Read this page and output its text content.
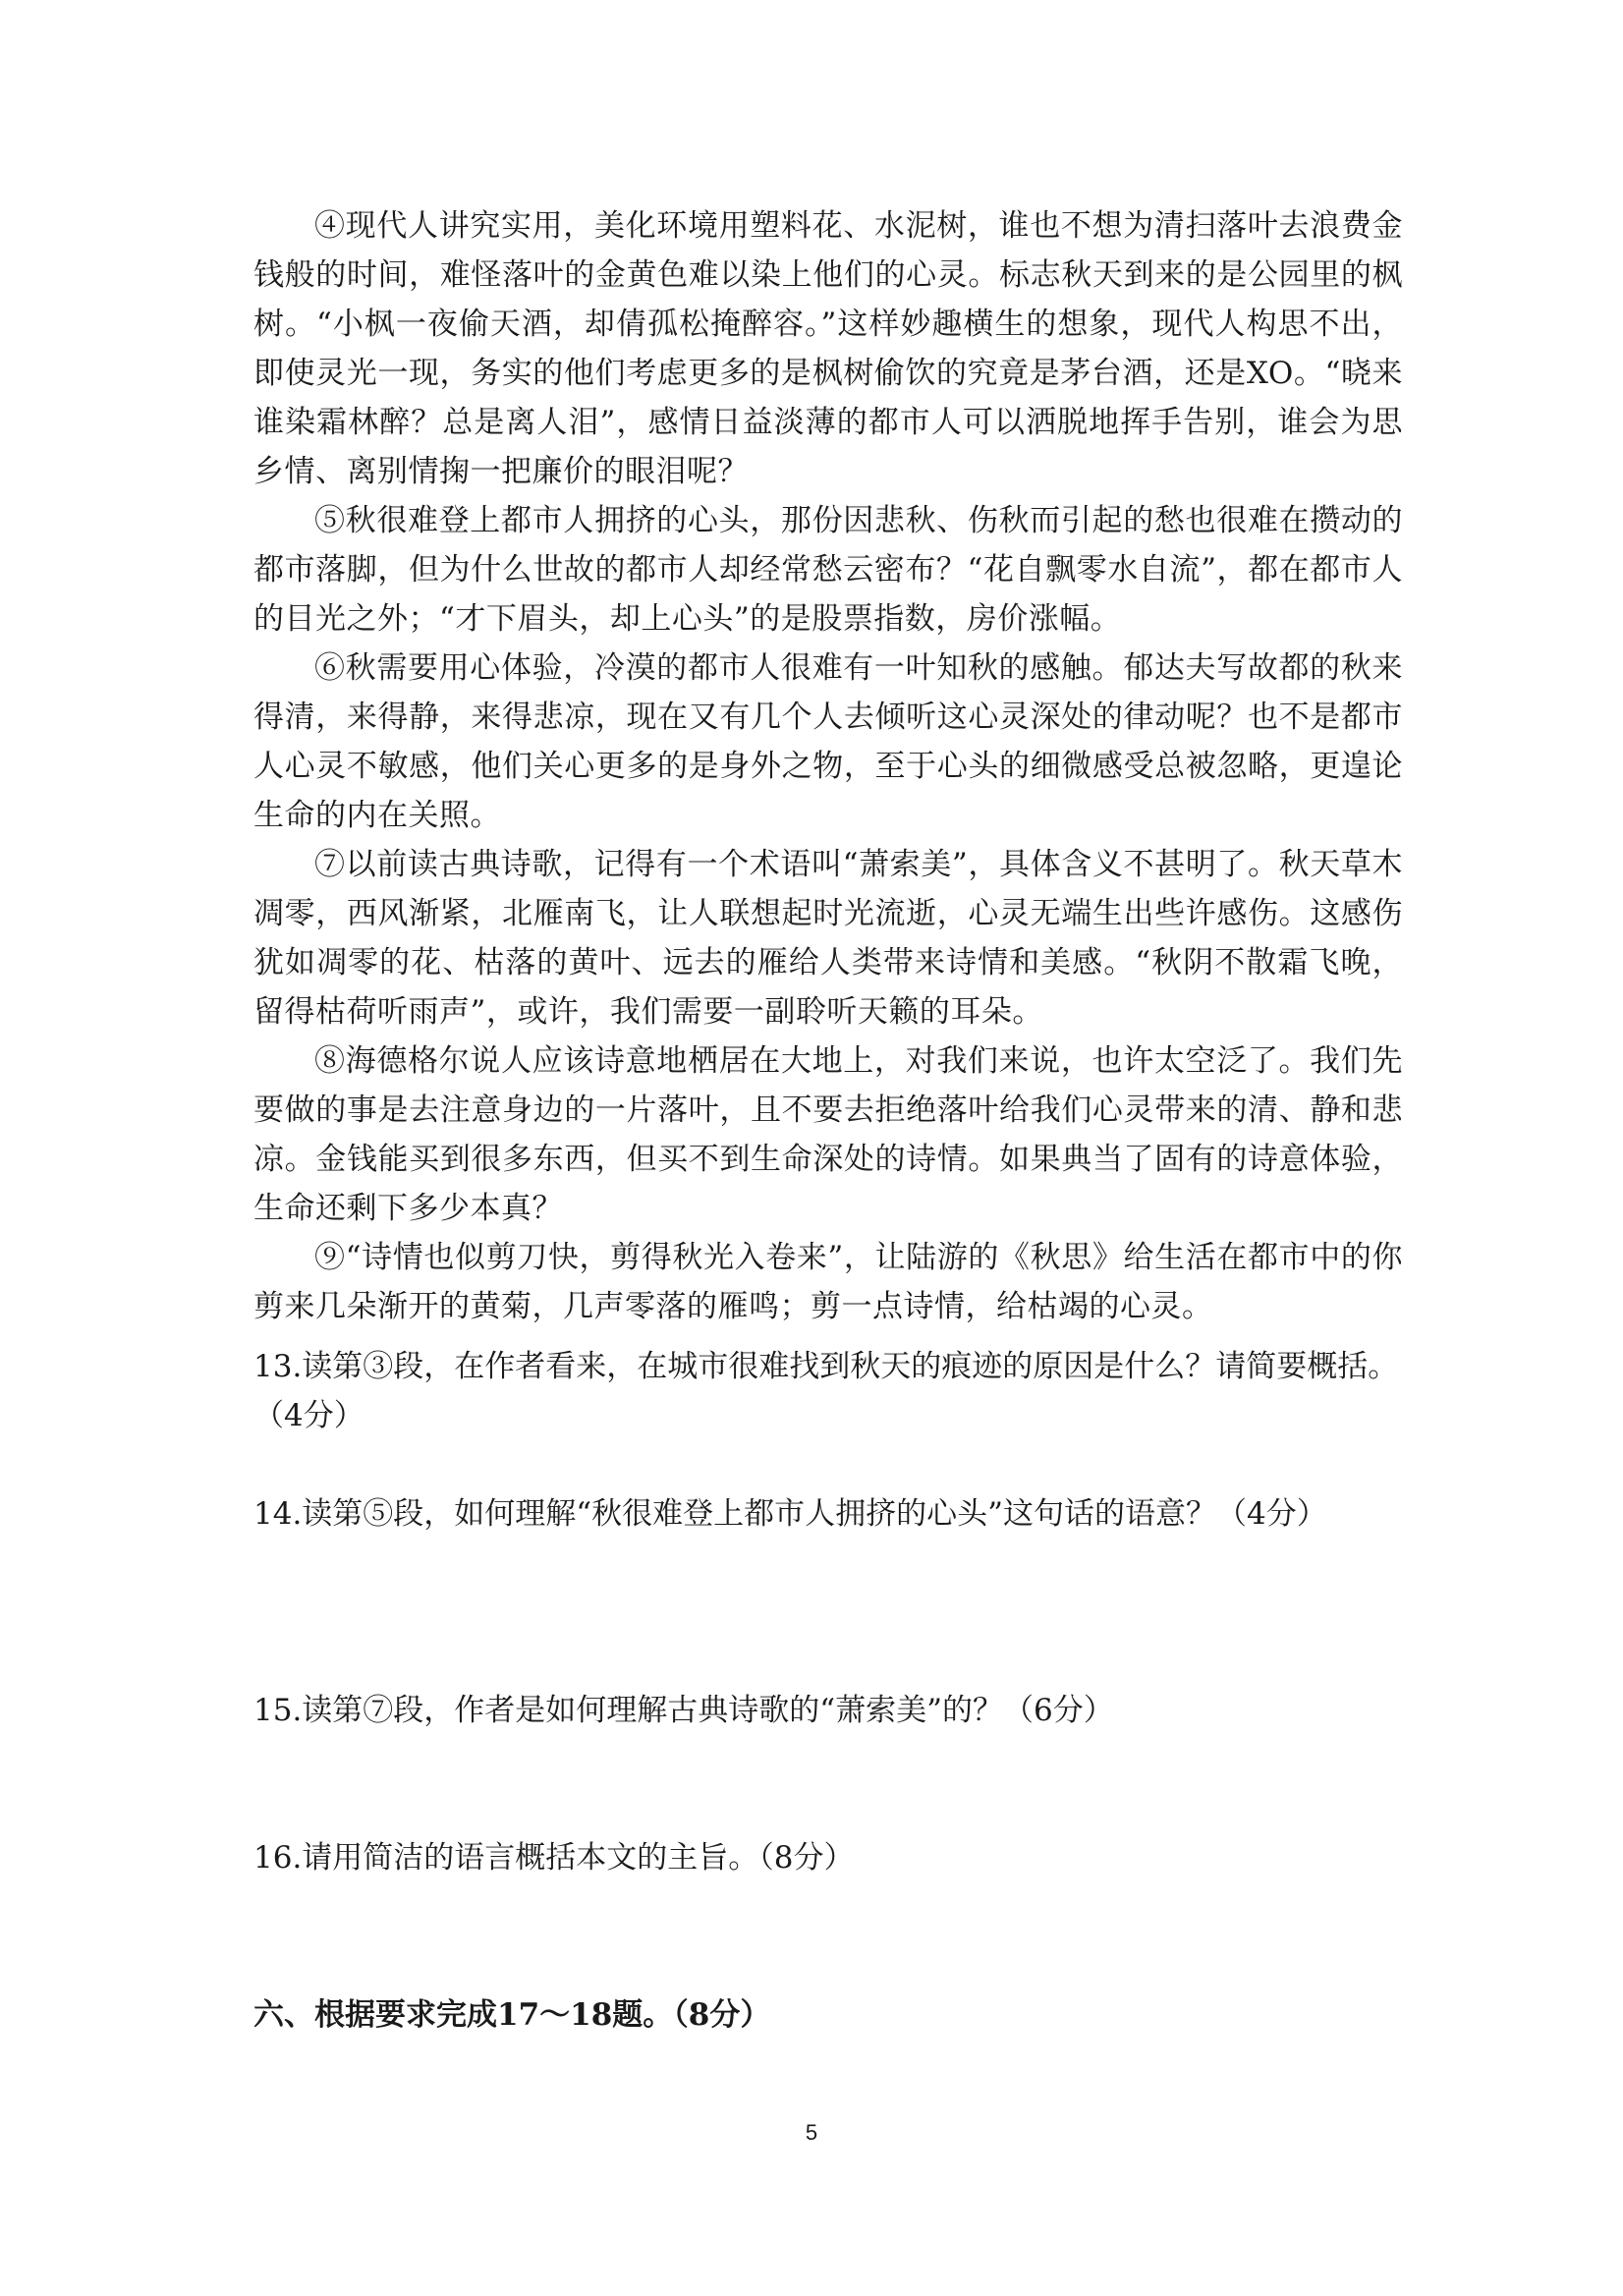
④现代人讲究实用，美化环境用塑料花、水泥树，谁也不想为清扫落叶去浪费金钱般的时间，难怪落叶的金黄色难以染上他们的心灵。标志秋天到来的是公园里的枫树。“小枫一夜偷天酒，却倩孤松掩醉容。”这样妙趣横生的想象，现代人构思不出，即使灵光一现，务实的他们考虑更多的是枫树偷饮的究竟是茅台酒，还是XO。“晓来谁染霜林醉？总是离人泪”，感情日益淡薄的都市人可以洒脱地挥手告别，谁会为思乡情、离别情掬一把廉价的眼泪呢？

⑤秋很难登上都市人拥挤的心头，那份因悲秋、伤秋而引起的愁也很难在攒动的都市落脚，但为什么世故的都市人却经常愁云密布？“花自飘零水自流”，都在都市人的目光之外；“才下眉头，却上心头”的是股票指数，房价涨幅。

⑥秋需要用心体验，冷漠的都市人很难有一叶知秋的感触。郁达夫写故都的秋来得清，来得静，来得悲凉，现在又有几个人去倾听这心灵深处的律动呢？也不是都市人心灵不敏感，他们关心更多的是身外之物，至于心头的细微感受总被忽略，更遑论生命的内在关照。

⑦以前读古典诗歌，记得有一个术语叫“萧索美”，具体含义不甚明了。秋天草木凋零，西风渐紧，北雁南飞，让人联想起时光流逝，心灵无端生出些许感伤。这感伤犹如凋零的花、枯落的黄叶、远去的雁给人类带来诗情和美感。“秋阴不散霜飞晚，留得枯荷听雨声”，或许，我们需要一副聆听天籁的耳朵。

⑧海德格尔说人应该诗意地栖居在大地上，对我们来说，也许太空泛了。我们先要做的事是去注意身边的一片落叶，且不要去拒绝落叶给我们心灵带来的清、静和悲凉。金钱能买到很多东西，但买不到生命深处的诗情。如果典当了固有的诗意体验，生命还剩下多少本真？

⑨“诗情也似剪刀快，剪得秋光入卷来”，让陆游的《秋思》给生活在都市中的你剪来几朵渐开的黄菊，几声零落的雁鸣；剪一点诗情，给枯竭的心灵。

13.读第③段，在作者看来，在城市很难找到秋天的痕迹的原因是什么？请简要概括。（4分）

14.读第⑤段，如何理解“秋很难登上都市人拥挤的心头”这句话的语意？（4分）

15.读第⑦段，作者是如何理解古典诗歌的“萧索美”的？（6分）

16.请用简洁的语言概括本文的主旨。（8分）

六、根据要求完成17～18题。（8分）

5
